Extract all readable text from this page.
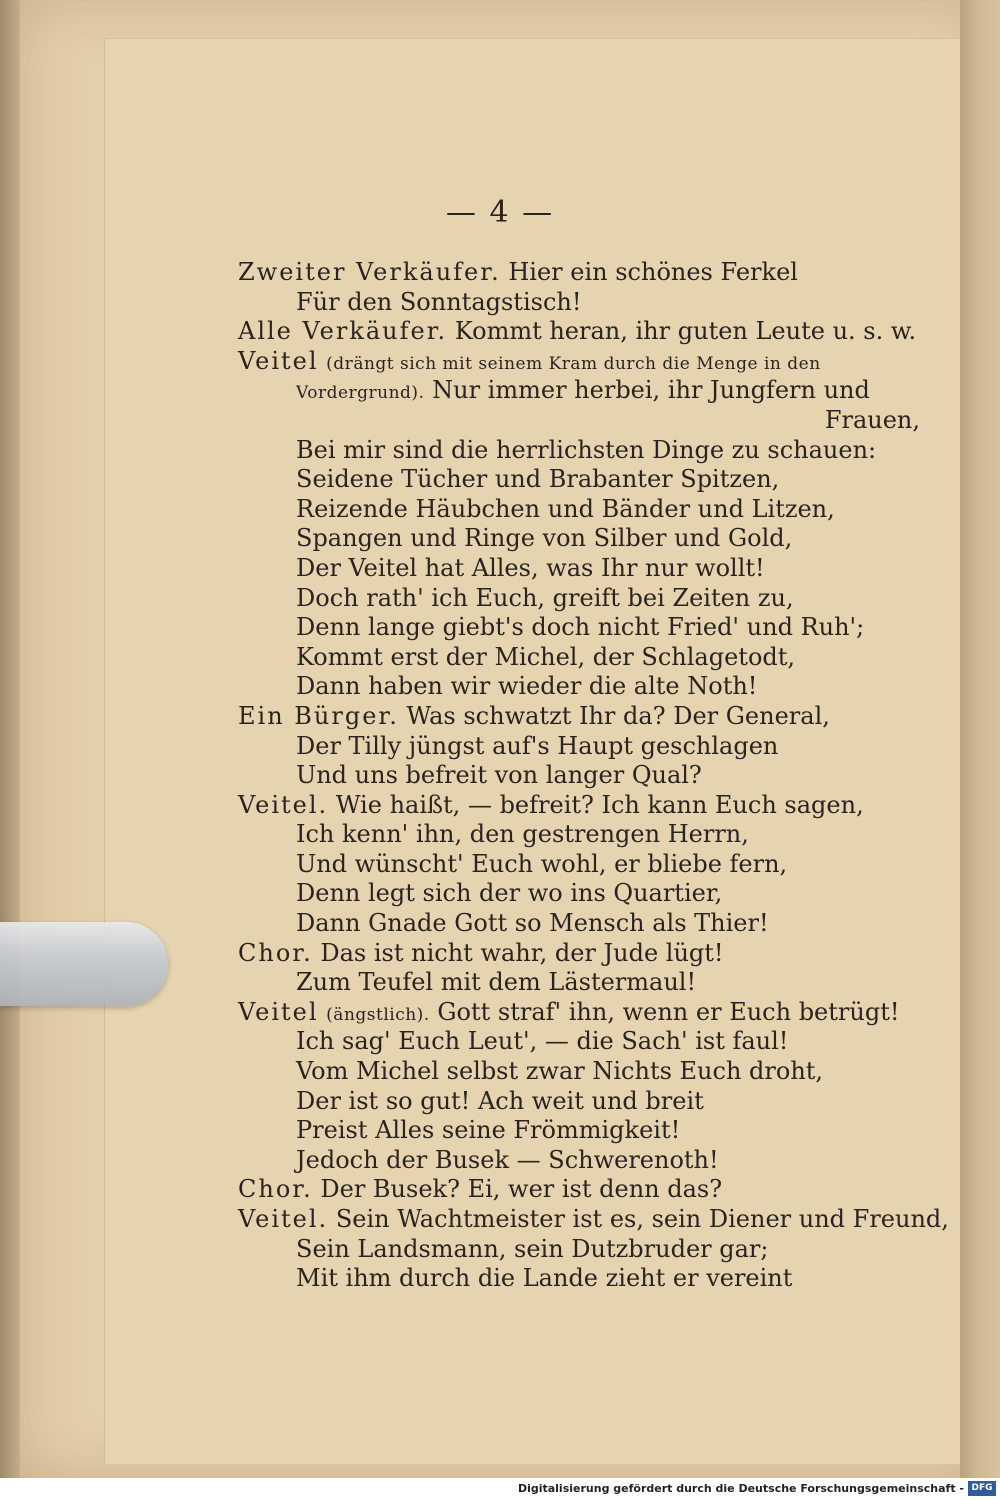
— 4 —
Zweiter Verkäufer. Hier ein schönes Ferkel
Für den Sonntagstisch!
Alle Verkäufer. Kommt heran, ihr guten Leute u. s. w.
Veitel (drängt sich mit seinem Kram durch die Menge in den
Vordergrund). Nur immer herbei, ihr Jungfern und
Frauen,
Bei mir sind die herrlichsten Dinge zu schauen:
Seidene Tücher und Brabanter Spitzen,
Reizende Häubchen und Bänder und Litzen,
Spangen und Ringe von Silber und Gold,
Der Veitel hat Alles, was Ihr nur wollt!
Doch rath' ich Euch, greift bei Zeiten zu,
Denn lange giebt's doch nicht Fried' und Ruh';
Kommt erst der Michel, der Schlagetodt,
Dann haben wir wieder die alte Noth!
Ein Bürger. Was schwatzt Ihr da? Der General,
Der Tilly jüngst auf's Haupt geschlagen
Und uns befreit von langer Qual?
Veitel. Wie haißt, — befreit? Ich kann Euch sagen,
Ich kenn' ihn, den gestrengen Herrn,
Und wünscht' Euch wohl, er bliebe fern,
Denn legt sich der wo ins Quartier,
Dann Gnade Gott so Mensch als Thier!
Chor. Das ist nicht wahr, der Jude lügt!
Zum Teufel mit dem Lästermaul!
Veitel (ängstlich). Gott straf' ihn, wenn er Euch betrügt!
Ich sag' Euch Leut', — die Sach' ist faul!
Vom Michel selbst zwar Nichts Euch droht,
Der ist so gut! Ach weit und breit
Preist Alles seine Frömmigkeit!
Jedoch der Busek — Schwerenoth!
Chor. Der Busek? Ei, wer ist denn das?
Veitel. Sein Wachtmeister ist es, sein Diener und Freund,
Sein Landsmann, sein Dutzbruder gar;
Mit ihm durch die Lande zieht er vereint
Digitalisierung gefördert durch die Deutsche Forschungsgemeinschaft - DFG
